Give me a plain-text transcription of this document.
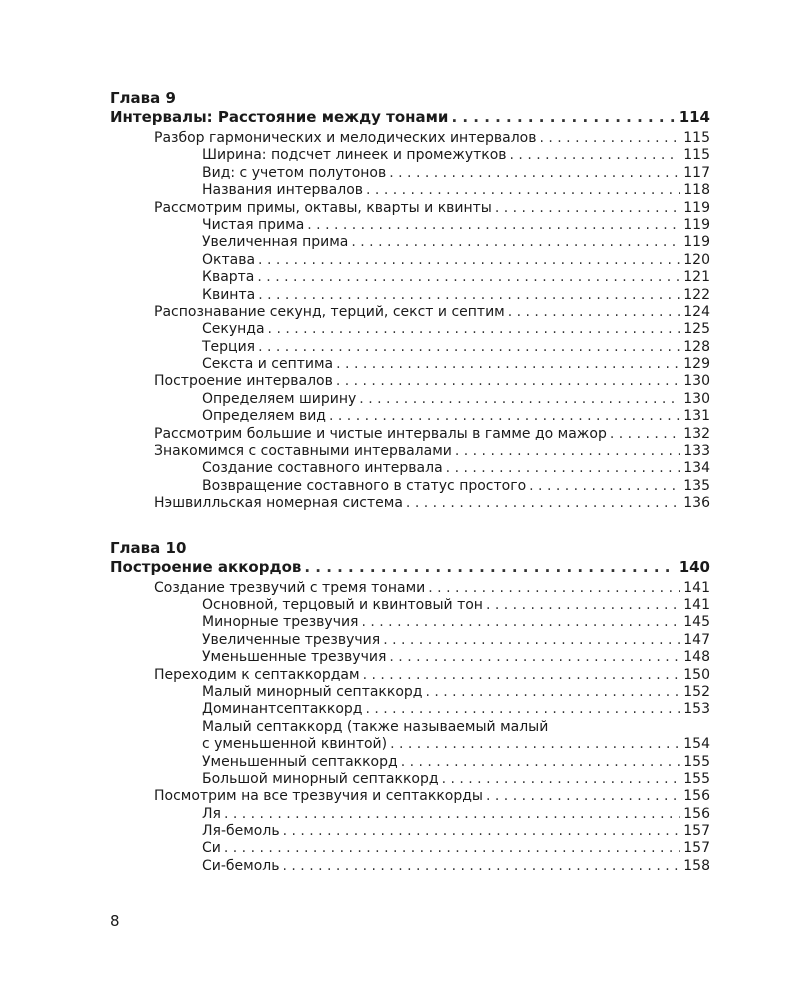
Глава 9
Интервалы: Расстояние между тонами . . .	114
Разбор гармонических и мелодических интервалов . . .	115
Ширина: подсчет линеек и промежутков . . .	115
Вид: с учетом полутонов . . .	117
Названия интервалов . . .	118
Рассмотрим примы, октавы, кварты и квинты . . .	119
Чистая прима . . .	119
Увеличенная прима . . .	119
Октава . . .	120
Кварта . . .	121
Квинта . . .	122
Распознавание секунд, терций, секст и септим . . .	124
Секунда . . .	125
Терция . . .	128
Секста и септима . . .	129
Построение интервалов . . .	130
Определяем ширину . . .	130
Определяем вид . . .	131
Рассмотрим большие и чистые интервалы в гамме до мажор . . .	132
Знакомимся с составными интервалами . . .	133
Создание составного интервала . . .	134
Возвращение составного в статус простого . . .	135
Нэшвилльская номерная система . . .	136
Глава 10
Построение аккордов . . .	140
Создание трезвучий с тремя тонами . . .	141
Основной, терцовый и квинтовый тон . . .	141
Минорные трезвучия . . .	145
Увеличенные трезвучия . . .	147
Уменьшенные трезвучия . . .	148
Переходим к септаккордам . . .	150
Малый минорный септаккорд . . .	152
Доминантсептаккорд . . .	153
Малый септаккорд (также называемый малый
с уменьшенной квинтой) . . .	154
Уменьшенный септаккорд . . .	155
Большой минорный септаккорд . . .	155
Посмотрим на все трезвучия и септаккорды . . .	156
Ля . . .	156
Ля-бемоль . . .	157
Си . . .	157
Си-бемоль . . .	158
8
